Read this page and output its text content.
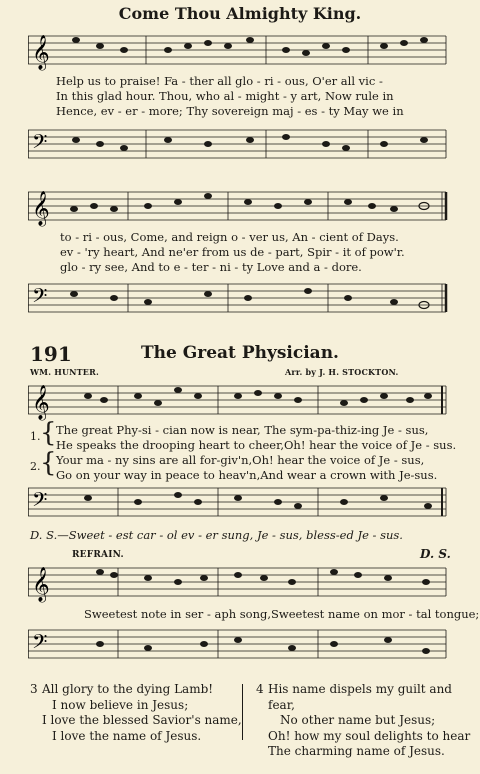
Come Thou Almighty King.
𝄞
Help us to praise! Fa - ther all glo - ri - ous, O'er all vic -
In this glad hour. Thou, who al - might - y art, Now rule in
Hence, ev - er - more; Thy sovereign maj - es - ty May we in
𝄢
𝄞
to - ri - ous, Come, and reign o - ver us, An - cient of Days.
ev - 'ry heart, And ne'er from us de - part, Spir - it of pow'r.
glo - ry see, And to e - ter - ni - ty Love and a - dore.
𝄢
191	The Great Physician.
WM. HUNTER.	Arr. by J. H. STOCKTON.
𝄞
1. { The great Phy-si - cian now is near, The sym-pa-thiz-ing Je - sus,
He speaks the drooping heart to cheer,Oh! hear the voice of Je - sus.
2. { Your ma - ny sins are all for-giv'n,Oh! hear the voice of Je - sus,
Go on your way in peace to heav'n,And wear a crown with Je-sus.
𝄢
D. S.—Sweet - est car - ol ev - er sung, Je - sus, bless-ed Je - sus.
REFRAIN.	D. S.
𝄞
Sweetest note in ser - aph song,Sweetest name on mor - tal tongue;
𝄢
3 All glory to the dying Lamb!
I now believe in Jesus;
I love the blessed Savior's name,
I love the name of Jesus.
4 His name dispels my guilt and fear,
No other name but Jesus;
Oh! how my soul delights to hear
The charming name of Jesus.
